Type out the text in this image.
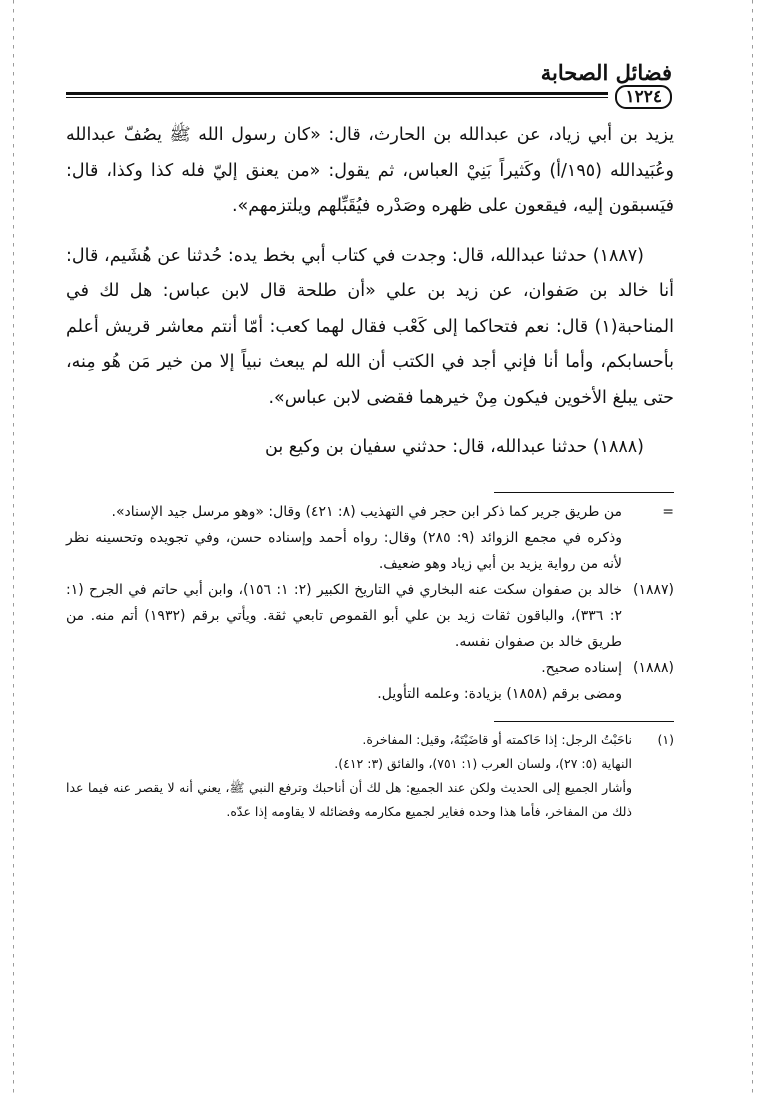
فضائل الصحابة
١٢٢٤

يزيد بن أبي زياد، عن عبدالله بن الحارث، قال: «كان رسول الله ﷺ يصُفّ عبدالله وعُبَيدالله (١٩٥/أ) وكَثيراً بَنِيْ العباس، ثم يقول: «من يعنق إليّ فله كذا وكذا، قال: فيَسبقون إليه، فيقعون على ظهره وصَدْره فيُقَبِّلهم ويلتزمهم».

(١٨٨٧) حدثنا عبدالله، قال: وجدت في كتاب أبي بخط يده: حُدثنا عن هُشَيم، قال: أنا خالد بن صَفوان، عن زيد بن علي «أن طلحة قال لابن عباس: هل لك في المناحبة(١) قال: نعم فتحاكما إلى كَعْب فقال لهما كعب: أمّا أنتم معاشر قريش أعلم بأحسابكم، وأما أنا فإني أجد في الكتب أن الله لم يبعث نبياً إلا من خير مَن هُو مِنه، حتى يبلغ الأخوين فيكون مِنْ خيرهما فقضى لابن عباس».

(١٨٨٨) حدثنا عبدالله، قال: حدثني سفيان بن وكيع بن

=
من طريق جرير كما ذكر ابن حجر في التهذيب (٨: ٤٢١) وقال: «وهو مرسل جيد الإسناد».
وذكره في مجمع الزوائد (٩: ٢٨٥) وقال: رواه أحمد وإسناده حسن، وفي تجويده وتحسينه نظر لأنه من رواية يزيد بن أبي زياد وهو ضعيف.
(١٨٨٧)
خالد بن صفوان سكت عنه البخاري في التاريخ الكبير (٢: ١: ١٥٦)، وابن أبي حاتم في الجرح (١: ٢: ٣٣٦)، والباقون ثقات زيد بن علي أبو القموص تابعي ثقة. ويأتي برقم (١٩٣٢) أتم منه. من طريق خالد بن صفوان نفسه.
(١٨٨٨)
إسناده صحيح.
ومضى برقم (١٨٥٨) بزيادة: وعلمه التأويل.
(١)
ناحَبْتُ الرجل: إذا حَاكمته أو قاضَيْتَهُ، وقيل: المفاخرة.
النهاية (٥: ٢٧)، ولسان العرب (١: ٧٥١)، والفائق (٣: ٤١٢).
وأشار الجميع إلى الحديث ولكن عند الجميع: هل لك أن أناحبك وترفع النبي ﷺ، يعني أنه لا يقصر عنه فيما عدا ذلك من المفاخر، فأما هذا وحده فغاير لجميع مكارمه وفضائله لا يقاومه إذا عدّه.
